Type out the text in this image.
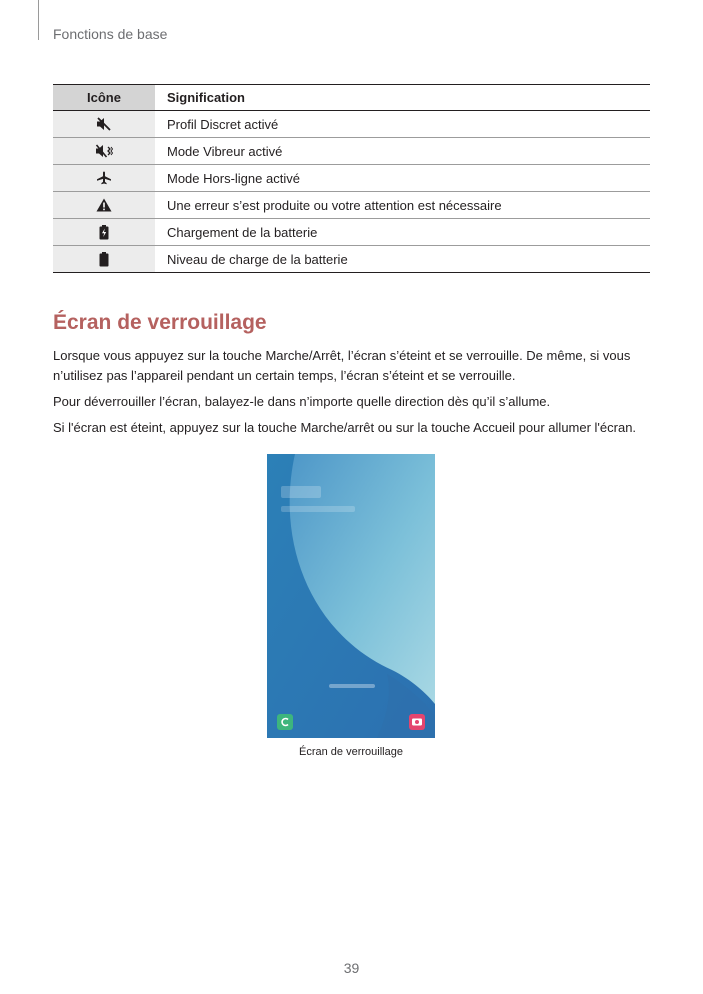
Fonctions de base
Icône	Signification

	Profil Discret activé

	Mode Vibreur activé

	Mode Hors-ligne activé

	Une erreur s’est produite ou votre attention est nécessaire

	Chargement de la batterie

	Niveau de charge de la batterie
Écran de verrouillage

Lorsque vous appuyez sur la touche Marche/Arrêt, l’écran s’éteint et se verrouille. De même, si vous n’utilisez pas l’appareil pendant un certain temps, l’écran s’éteint et se verrouille.

Pour déverrouiller l’écran, balayez-le dans n’importe quelle direction dès qu’il s’allume.

Si l'écran est éteint, appuyez sur la touche Marche/arrêt ou sur la touche Accueil pour allumer l'écran.

Écran de verrouillage
39
